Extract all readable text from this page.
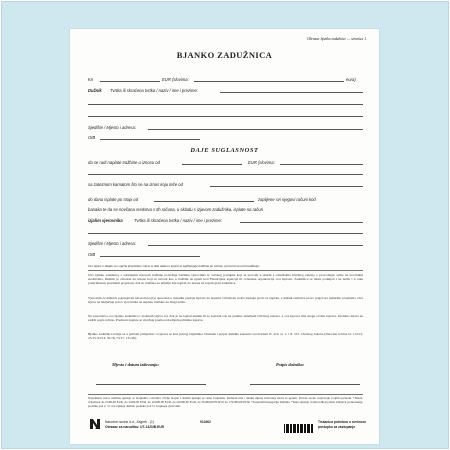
Obrazac bjanko zadužnice — stranica 1.
BJANKO ZADUŽNICA
Kn	EUR (slovima:	eura)
Dužnik Tvrtka ili skraćena tvrtka / naziv / ime i prezime:
Sjedište / Mjesto i adresa:
OIB
DAJE SUGLASNOST
da se radi naplate tražbine u iznosu od	EUR (slovima:
sa zateznom kamatom što se na iznos koju teče od
do dana isplate po stopi od	zaplijene svi njegovi računi kod
banaka te da se novčana sredstva s tih računa, u skladu s izjavom zadužnika, isplate na račun
izjalim vjerovnika	Tvrtka ili skraćena tvrtka / naziv / ime i prezime:
Sjedište / Mjesto i adresa:
OIB
Ove izjave u skladu su s općim propisima i mora se dati nakon u kojem se zaplijenjuje tražbina po računu i provesti na ovrhovoditelja.
Ova bjanko zadužnica s odredenim iznosom tražbine potvrđuje tražbinu vjerovnika iz ovršnog postupka koji se provodi u skladu s odredbama Ovršnog zakona o provođenju ovrhe na novčanim sredstvima. Dužnik je obvezan na iznosu koji se navodi kao u tražbini da uplati kod Financijske agencije ili ovlaštene organizacije ovu ispravu. Zadužnica se može podnijeti i na način i u roku predviđenom posebnim propisom, dok se tražbina na temelju iste naplati do iznosa na kojem glasi zadužnica.
Vjerovnik će dužnicu popunjavati iznosom koji je opravdan u trenutku predaje isprave na naplatu. Ovlaštena osoba ispisuje poziv za naplatu, a dužnik zadržava pravo prigovora sukladno propisima. Ova izjava ne isključuje pravo vjerovnika na naplatu tražbine na drugi način.
Ne zastarijeva ova bjanko zadužnica i dodatnih izjava sve dok je ne isplati dužnik ili se zastarni rok ne prekine temeljem Ovršnog zakona, a ova isprava ima snagu ovršne isprave. Dodatna izjava ne sadrži popis računa. Prednost naplate se utvrđuje prema redoslijedu primitka isprave.
Bjanko zadužnica izdaje se u jednom primjerku i ovjerava se kod javnog bilježnika. Dodatak i potpis dužnika zakonito su izvedeni čl. 214. st. 1. i čl. 215. Ovršnog zakona (Narodne novine br. 112/12, 25/13, 93/14, 55/16, 73/17, 131/20).
Mjesto i datum izdavanja:	Potpis dužnika:
Napomena: iznos tražbine upisuje se brojkama i slovima. Ovdje brojne i datumi upisuju se samo brojkama. Radnom ime i datum mjesta izdavanja može se upisati. Pravne osobe ovjeravaju svojim pečatom. *Iznosi: vrijednost do 2.000,00 EUR, do 3.000,00 EUR, do 10.000,00 EUR, do 20.000,00 EUR, do 70.000,00 EUR ili do 170.000,00 EUR. *Zaokružiti kategoriju dužnika. *Iznos upisuje ovrhovoditelj prema zahtjevu podnositelja, podatke pod 2, 3 i 4 te upisuje dužnik, podatke pod 5 i 6 upisuje vjerovnik.
Narodne novine d.d., Zagreb - (1)
Obrazac za narudžbu: UT-1420/B.EUR
911662	Tiskanica potrebna u ovršnom
postupku za zastupanje
